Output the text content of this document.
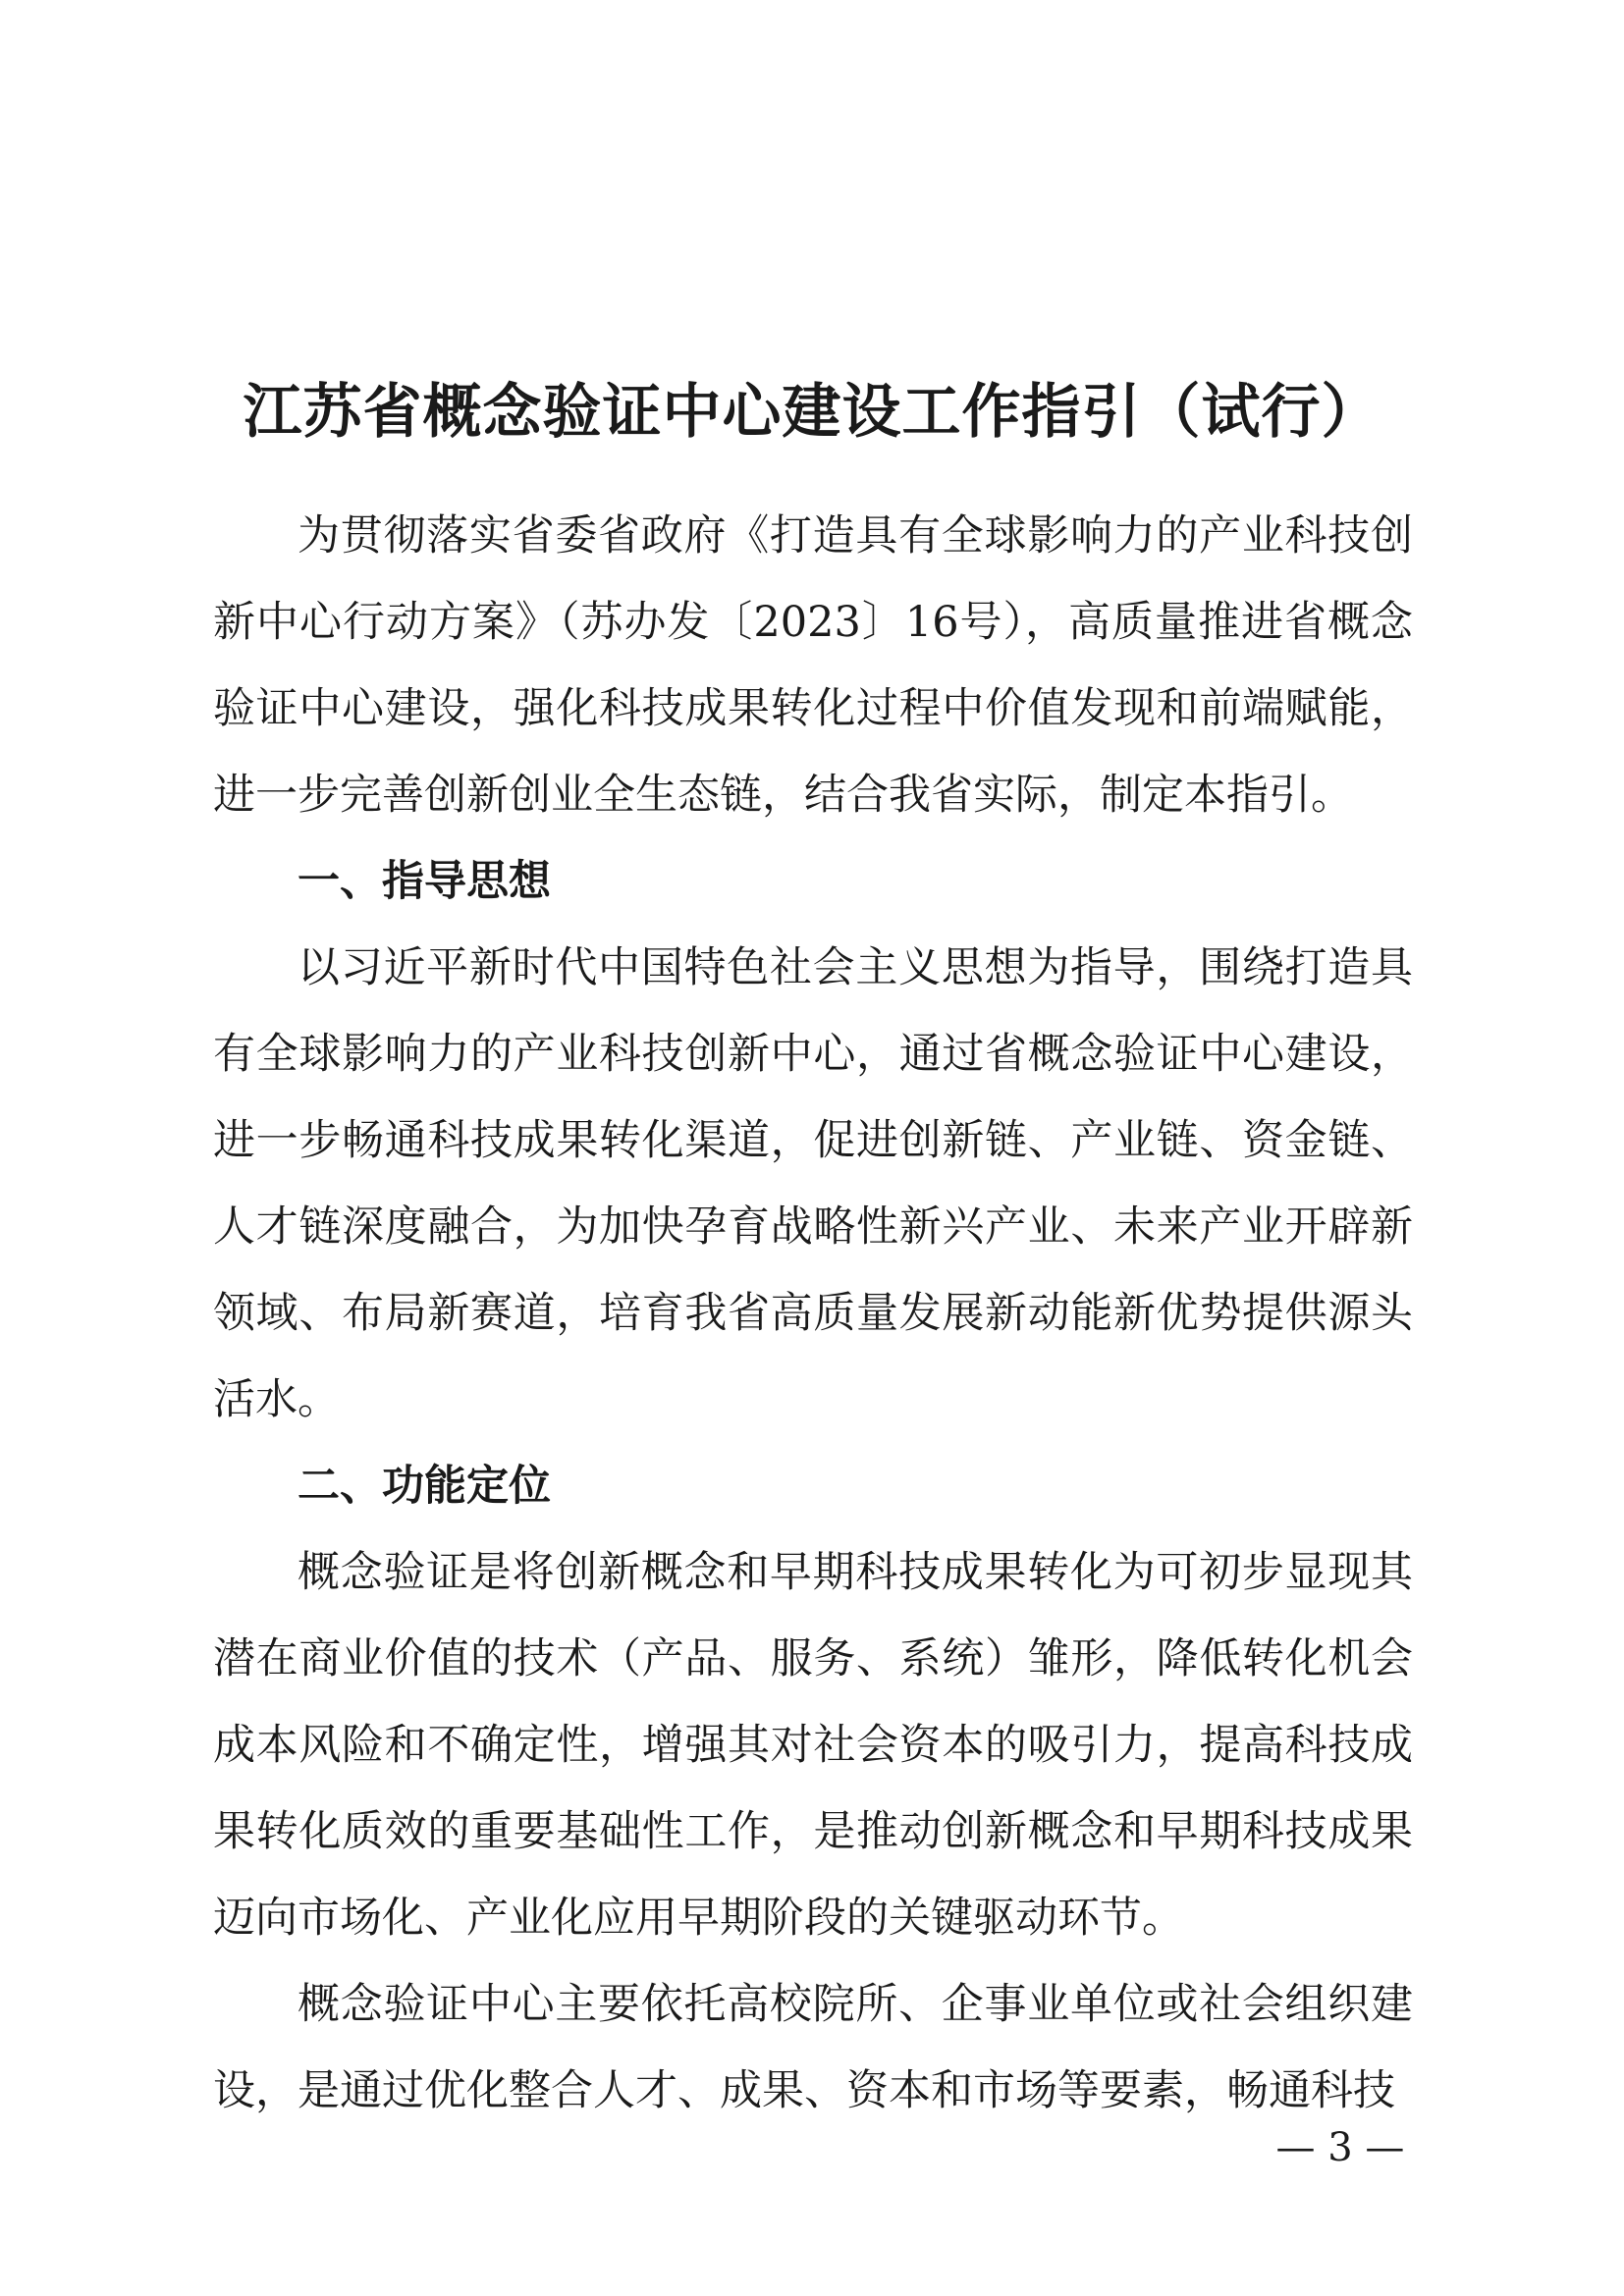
江苏省概念验证中心建设工作指引（试行）

为贯彻落实省委省政府《打造具有全球影响力的产业科技创新中心行动方案》（苏办发〔2023〕16号），高质量推进省概念验证中心建设，强化科技成果转化过程中价值发现和前端赋能，进一步完善创新创业全生态链，结合我省实际，制定本指引。

一、指导思想

以习近平新时代中国特色社会主义思想为指导，围绕打造具有全球影响力的产业科技创新中心，通过省概念验证中心建设，进一步畅通科技成果转化渠道，促进创新链、产业链、资金链、人才链深度融合，为加快孕育战略性新兴产业、未来产业开辟新领域、布局新赛道，培育我省高质量发展新动能新优势提供源头活水。

二、功能定位

概念验证是将创新概念和早期科技成果转化为可初步显现其潜在商业价值的技术（产品、服务、系统）雏形，降低转化机会成本风险和不确定性，增强其对社会资本的吸引力，提高科技成果转化质效的重要基础性工作，是推动创新概念和早期科技成果迈向市场化、产业化应用早期阶段的关键驱动环节。

概念验证中心主要依托高校院所、企事业单位或社会组织建设，是通过优化整合人才、成果、资本和市场等要素，畅通科技

— 3 —
